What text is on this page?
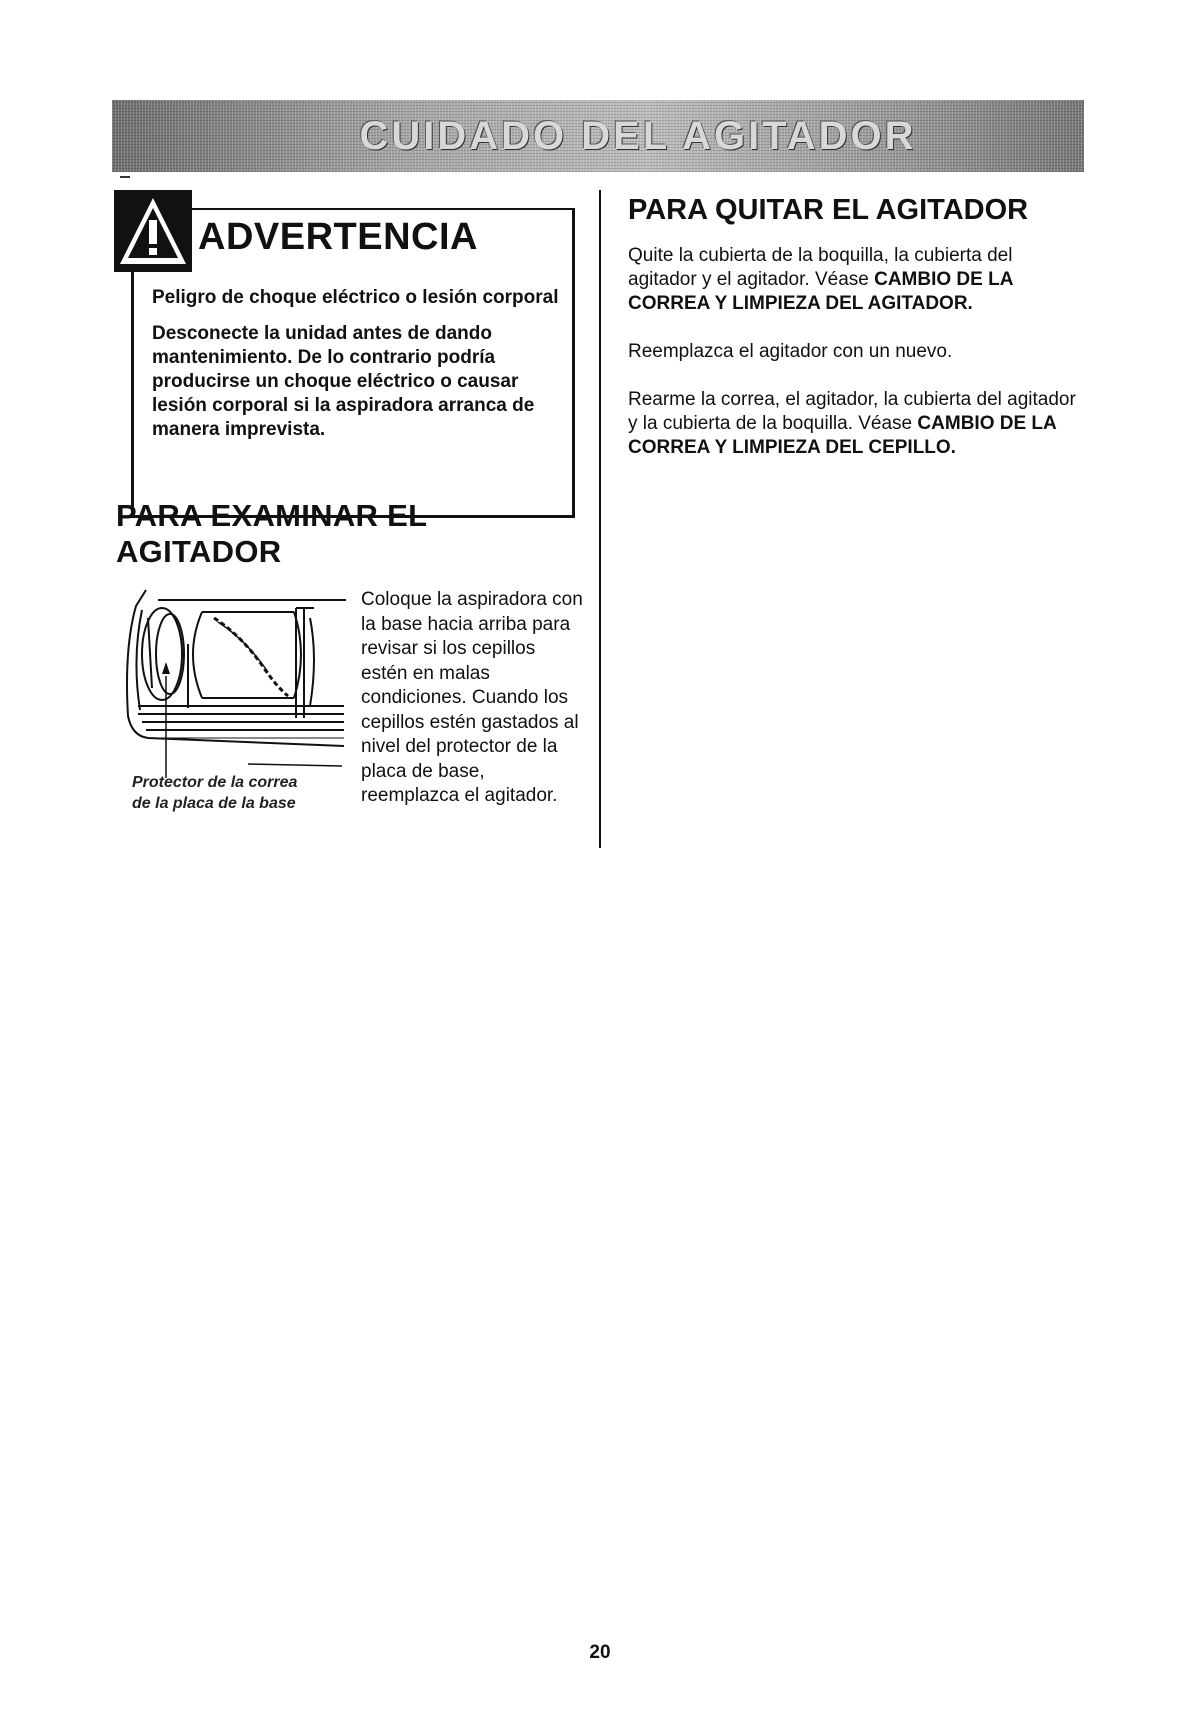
CUIDADO DEL AGITADOR
ADVERTENCIA

Peligro de choque eléctrico o lesión corporal

Desconecte la unidad antes de dando mantenimiento. De lo contrario podría producirse un choque eléctrico o causar lesión corporal si la aspiradora arranca de manera imprevista.

PARA EXAMINAR EL AGITADOR
Protector de la correa
de la placa de la base
Coloque la aspiradora con la base hacia arriba para revisar si los cepillos estén en malas condiciones. Cuando los cepillos estén gastados al nivel del protector de la placa de base, reemplazca el agitador.
PARA QUITAR EL AGITADOR

Quite la cubierta de la boquilla, la cubierta del agitador y el agitador. Véase CAMBIO DE LA CORREA Y LIMPIEZA DEL AGITADOR.

Reemplazca el agitador con un nuevo.

Rearme la correa, el agitador, la cubierta del agitador y la cubierta de la boquilla. Véase CAMBIO DE LA CORREA Y LIMPIEZA DEL CEPILLO.

20
